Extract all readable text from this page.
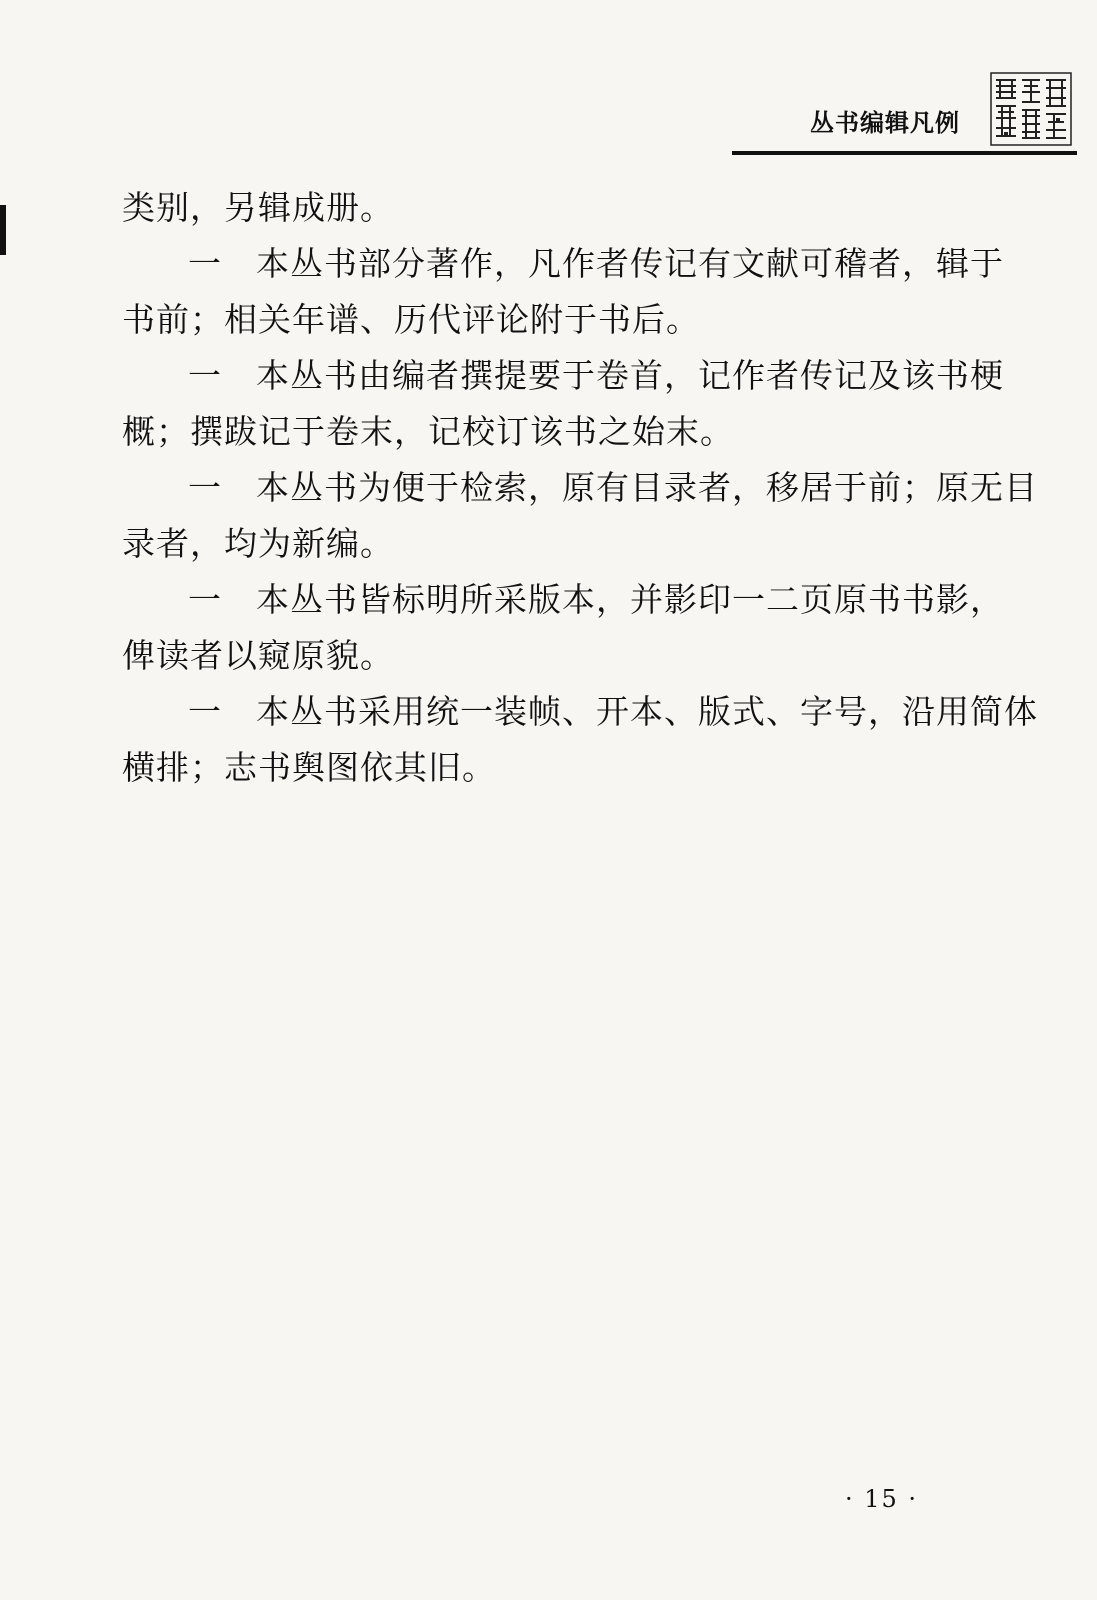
丛书编辑凡例
类别，另辑成册。
一　本丛书部分著作，凡作者传记有文献可稽者，辑于
书前；相关年谱、历代评论附于书后。
一　本丛书由编者撰提要于卷首，记作者传记及该书梗
概；撰跋记于卷末，记校订该书之始末。
一　本丛书为便于检索，原有目录者，移居于前；原无目
录者，均为新编。
一　本丛书皆标明所采版本，并影印一二页原书书影，
俾读者以窥原貌。
一　本丛书采用统一装帧、开本、版式、字号，沿用简体
横排；志书舆图依其旧。
· 15 ·
